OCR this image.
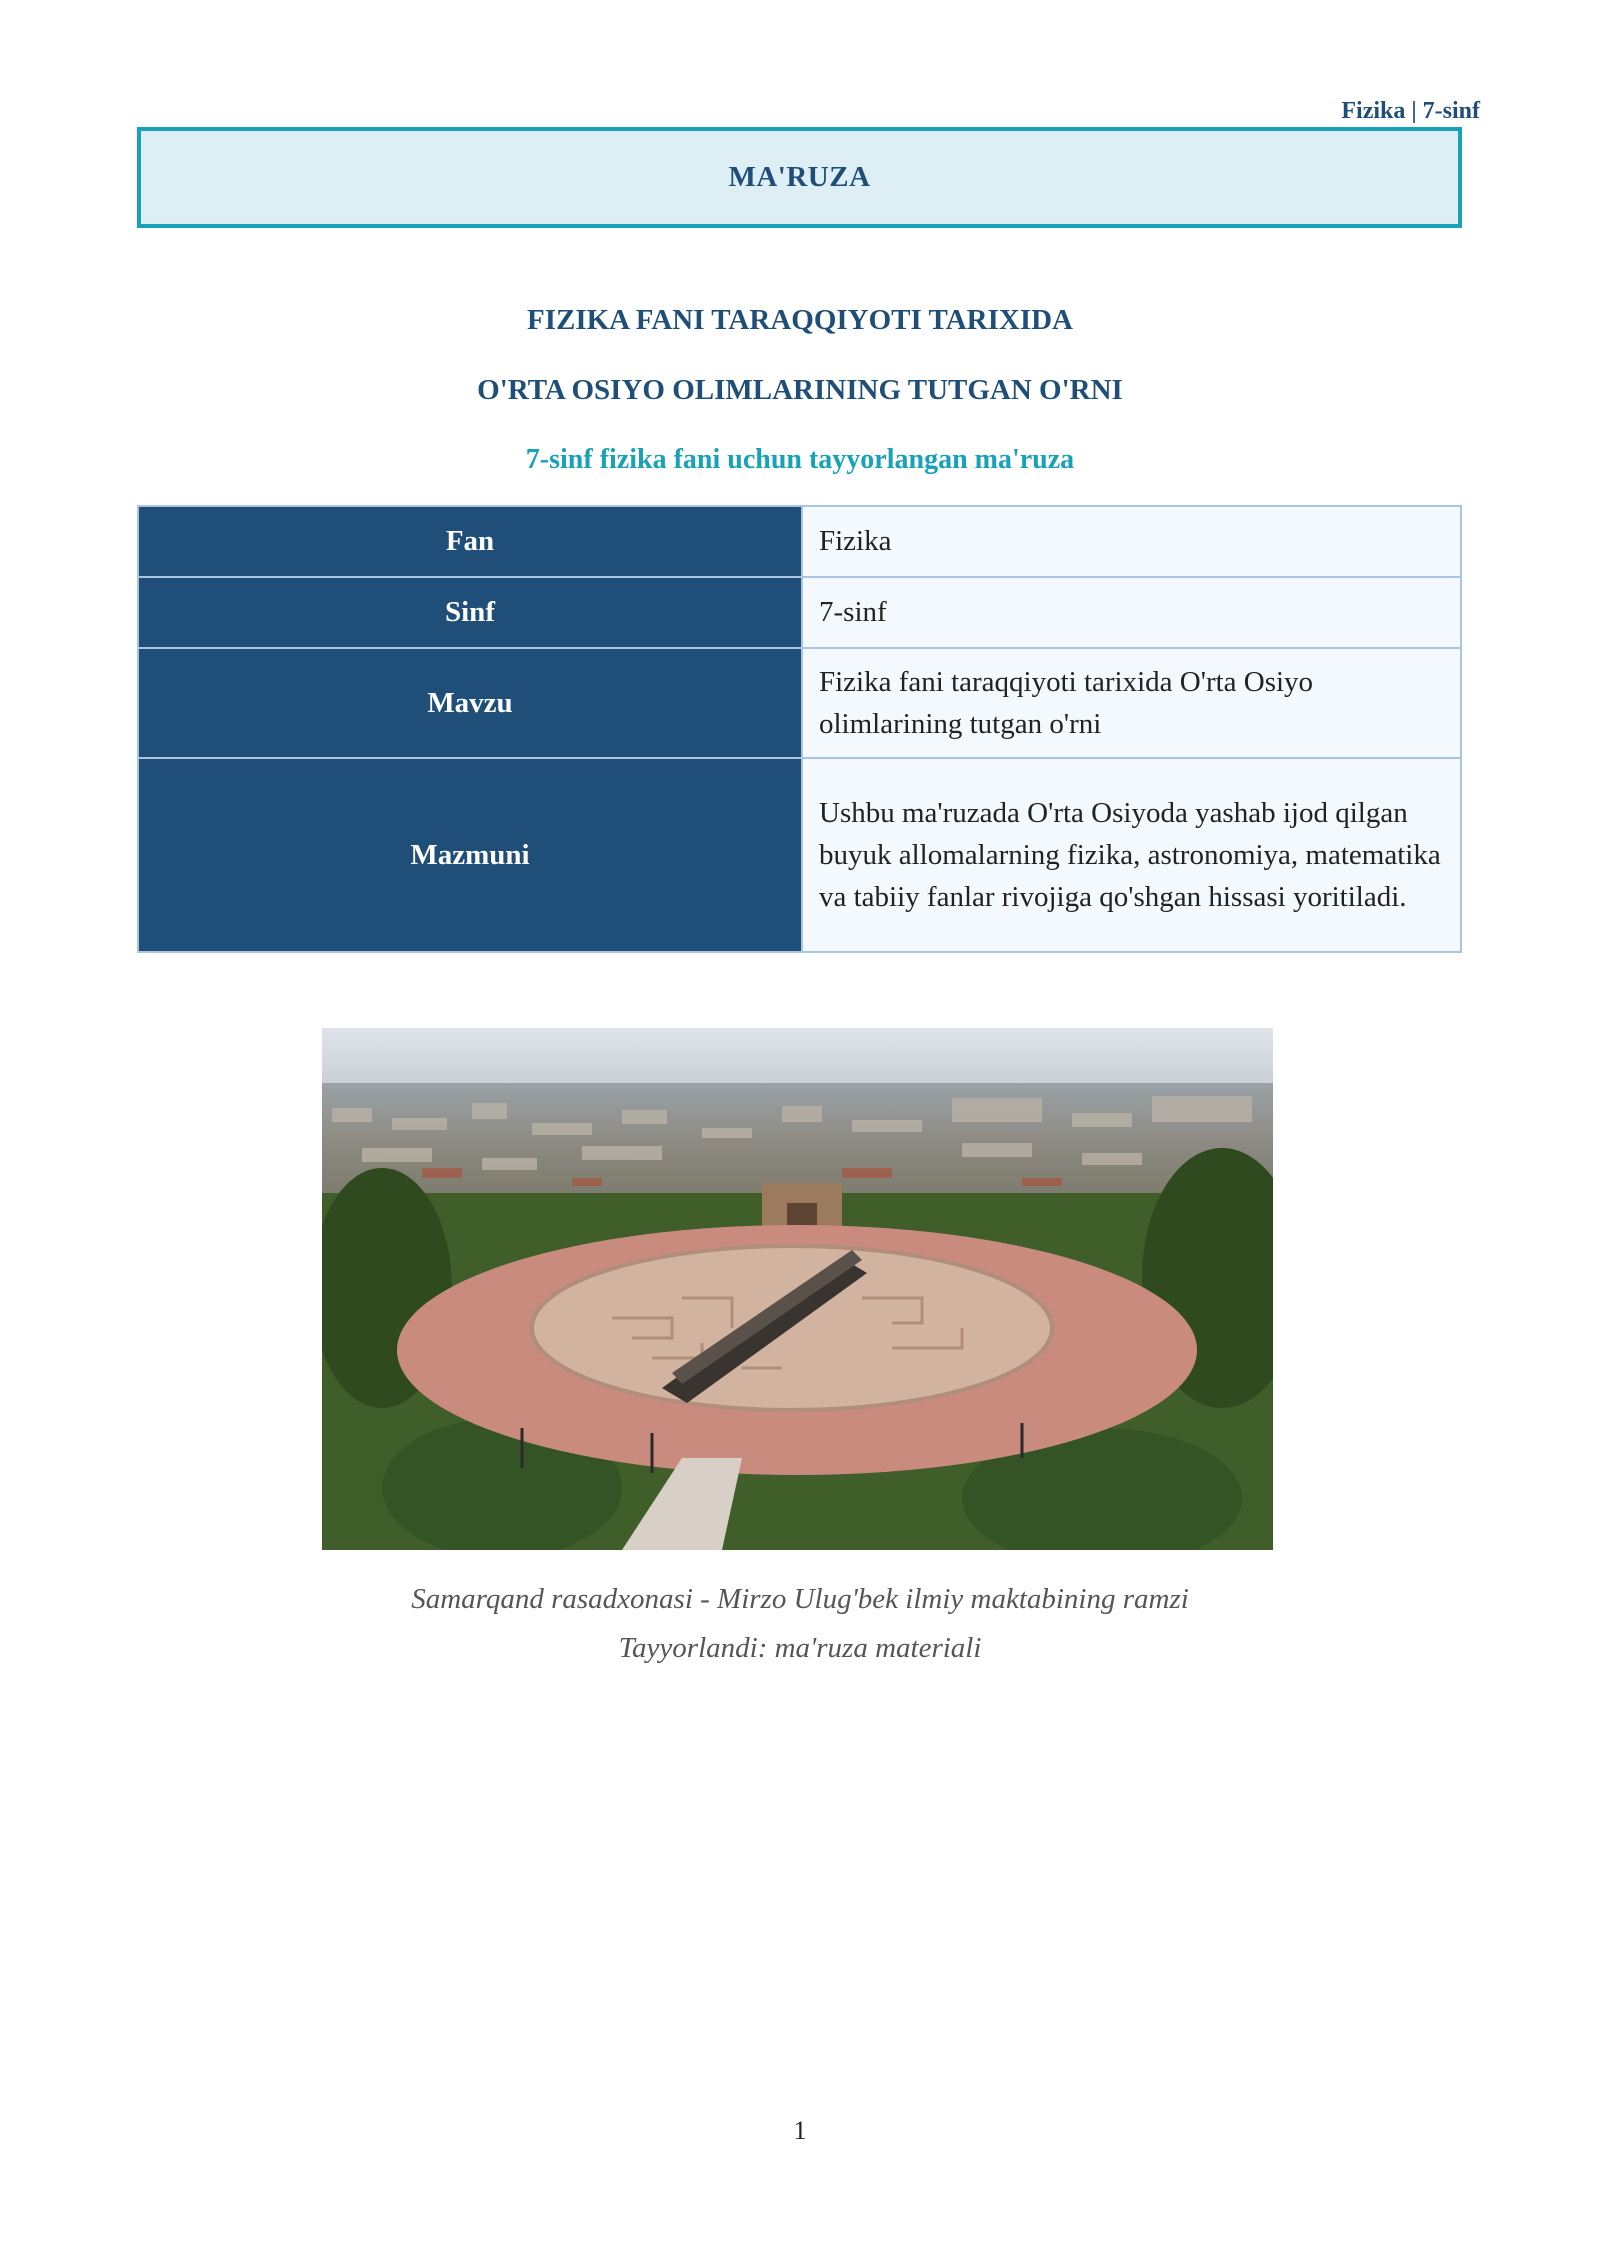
Fizika | 7-sinf
MA'RUZA
FIZIKA FANI TARAQQIYOTI TARIXIDA
O'RTA OSIYO OLIMLARINING TUTGAN O'RNI
7-sinf fizika fani uchun tayyorlangan ma'ruza
Fan	Fizika
Sinf	7-sinf
Mavzu	Fizika fani taraqqiyoti tarixida O'rta Osiyo olimlarining tutgan o'rni
Mazmuni	Ushbu ma'ruzada O'rta Osiyoda yashab ijod qilgan buyuk allomalarning fizika, astronomiya, matematika va tabiiy fanlar rivojiga qo'shgan hissasi yoritiladi.
Samarqand rasadxonasi - Mirzo Ulug'bek ilmiy maktabining ramzi
Tayyorlandi: ma'ruza materiali
1
